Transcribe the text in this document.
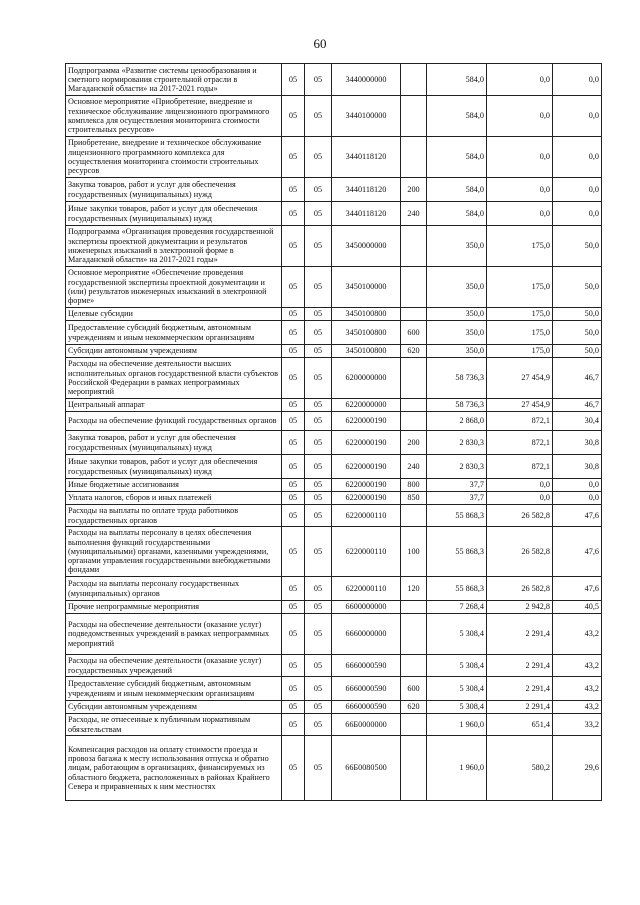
60
Подпрограмма «Развитие системы ценообразования и сметного нормирования строительной отрасли в Магаданской области» на 2017-2021 годы»	05	05	3440000000		584,0	0,0	0,0
Основное мероприятие «Приобретение, внедрение и техническое обслуживание лицензионного программного комплекса для осуществления мониторинга стоимости строительных ресурсов»	05	05	3440100000		584,0	0,0	0,0
Приобретение, внедрение и техническое обслуживание лицензионного программного комплекса для осуществления мониторинга стоимости строительных ресурсов	05	05	3440118120		584,0	0,0	0,0
Закупка товаров, работ и услуг для обеспечения государственных (муниципальных) нужд	05	05	3440118120	200	584,0	0,0	0,0
Иные закупки товаров, работ и услуг для обеспечения государственных (муниципальных) нужд	05	05	3440118120	240	584,0	0,0	0,0
Подпрограмма «Организация проведения государственной экспертизы проектной документации и результатов инженерных изысканий в электронной форме в Магаданской области» на 2017-2021 годы»	05	05	3450000000		350,0	175,0	50,0
Основное мероприятие «Обеспечение проведения государственной экспертизы проектной документации и (или) результатов инженерных изысканий в электронной форме»	05	05	3450100000		350,0	175,0	50,0
Целевые субсидии	05	05	3450100800		350,0	175,0	50,0
Предоставление субсидий бюджетным, автономным учреждениям и иным некоммерческим организациям	05	05	3450100800	600	350,0	175,0	50,0
Субсидии автономным учреждениям	05	05	3450100800	620	350,0	175,0	50,0
Расходы на обеспечение деятельности высших исполнительных органов государственной власти субъектов Российской Федерации в рамках непрограммных мероприятий	05	05	6200000000		58 736,3	27 454,9	46,7
Центральный аппарат	05	05	6220000000		58 736,3	27 454,9	46,7
Расходы на обеспечение функций государственных органов	05	05	6220000190		2 868,0	872,1	30,4
Закупка товаров, работ и услуг для обеспечения государственных (муниципальных) нужд	05	05	6220000190	200	2 830,3	872,1	30,8
Иные закупки товаров, работ и услуг для обеспечения государственных (муниципальных) нужд	05	05	6220000190	240	2 830,3	872,1	30,8
Иные бюджетные ассигнования	05	05	6220000190	800	37,7	0,0	0,0
Уплата налогов, сборов и иных платежей	05	05	6220000190	850	37,7	0,0	0,0
Расходы на выплаты по оплате труда работников государственных органов	05	05	6220000110		55 868,3	26 582,8	47,6
Расходы на выплаты персоналу в целях обеспечения выполнения функций государственными (муниципальными) органами, казенными учреждениями, органами управления государственными внебюджетными фондами	05	05	6220000110	100	55 868,3	26 582,8	47,6
Расходы на выплаты персоналу государственных (муниципальных) органов	05	05	6220000110	120	55 868,3	26 582,8	47,6
Прочие непрограммные мероприятия	05	05	6600000000		7 268,4	2 942,8	40,5
Расходы на обеспечение деятельности (оказание услуг) подведомственных учреждений в рамках непрограммных мероприятий	05	05	6660000000		5 308,4	2 291,4	43,2
Расходы на обеспечение деятельности (оказание услуг) государственных учреждений	05	05	6660000590		5 308,4	2 291,4	43,2
Предоставление субсидий бюджетным, автономным учреждениям и иным некоммерческим организациям	05	05	6660000590	600	5 308,4	2 291,4	43,2
Субсидии автономным учреждениям	05	05	6660000590	620	5 308,4	2 291,4	43,2
Расходы, не отнесенные к публичным нормативным обязательствам	05	05	66Б0000000		1 960,0	651,4	33,2
Компенсация расходов на оплату стоимости проезда и провоза багажа к месту использования отпуска и обратно лицам, работающим в организациях, финансируемых из областного бюджета, расположенных в районах Крайнего Севера и приравненных к ним местностях	05	05	66Б0080500		1 960,0	580,2	29,6
